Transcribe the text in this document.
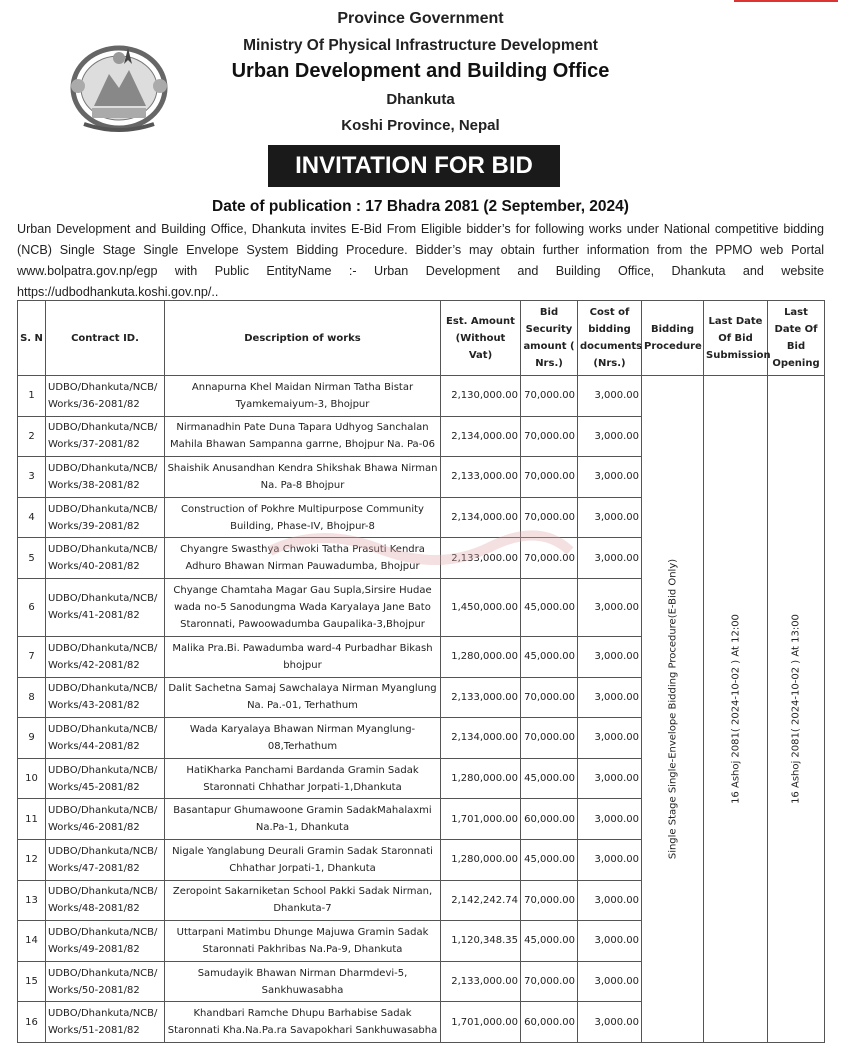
Province Government
Ministry Of Physical Infrastructure Development
Urban Development and Building Office
Dhankuta
Koshi Province, Nepal
INVITATION FOR BID
Date of publication : 17 Bhadra 2081 (2 September, 2024)
Urban Development and Building Office, Dhankuta invites E-Bid From Eligible bidder’s for following works under National competitive bidding (NCB) Single Stage Single Envelope System Bidding Procedure. Bidder’s may obtain further information from the PPMO web Portal www.bolpatra.gov.np/egp with Public EntityName :- Urban Development and Building Office, Dhankuta and website https://udbodhankuta.koshi.gov.np/..
S. N	Contract ID.	Description of works	Est. Amount (Without Vat)	Bid Security amount ( Nrs.)	Cost of bidding documents (Nrs.)	Bidding Procedure	Last Date Of Bid Submission	Last Date Of Bid Opening
1	UDBO/Dhankuta/NCB/ Works/36-2081/82	Annapurna Khel Maidan Nirman Tatha Bistar Tyamkemaiyum-3, Bhojpur	2,130,000.00	70,000.00	3,000.00	Single Stage Single-Envelope Bidding Procedure(E-Bid Only)	16 Ashoj 2081( 2024-10-02 ) At 12:00	16 Ashoj 2081( 2024-10-02 ) At 13:00

2	UDBO/Dhankuta/NCB/ Works/37-2081/82	Nirmanadhin Pate Duna Tapara Udhyog Sanchalan Mahila Bhawan Sampanna garrne, Bhojpur Na. Pa-06	2,134,000.00	70,000.00	3,000.00			
3	UDBO/Dhankuta/NCB/ Works/38-2081/82	Shaishik Anusandhan Kendra Shikshak Bhawa Nirman Na. Pa-8 Bhojpur	2,133,000.00	70,000.00	3,000.00			
4	UDBO/Dhankuta/NCB/ Works/39-2081/82	Construction of Pokhre Multipurpose Community Building, Phase-IV, Bhojpur-8	2,134,000.00	70,000.00	3,000.00			
5	UDBO/Dhankuta/NCB/ Works/40-2081/82	Chyangre Swasthya Chwoki Tatha Prasuti Kendra Adhuro Bhawan Nirman Pauwadumba, Bhojpur	2,133,000.00	70,000.00	3,000.00			
6	UDBO/Dhankuta/NCB/ Works/41-2081/82	Chyange Chamtaha Magar Gau Supla,Sirsire Hudae wada no-5 Sanodungma Wada Karyalaya Jane Bato Staronnati, Pawoowadumba Gaupalika-3,Bhojpur	1,450,000.00	45,000.00	3,000.00			
7	UDBO/Dhankuta/NCB/ Works/42-2081/82	Malika Pra.Bi. Pawadumba ward-4 Purbadhar Bikash bhojpur	1,280,000.00	45,000.00	3,000.00			
8	UDBO/Dhankuta/NCB/ Works/43-2081/82	Dalit Sachetna Samaj Sawchalaya Nirman Myanglung Na. Pa.-01, Terhathum	2,133,000.00	70,000.00	3,000.00			
9	UDBO/Dhankuta/NCB/ Works/44-2081/82	Wada Karyalaya Bhawan Nirman Myanglung- 08,Terhathum	2,134,000.00	70,000.00	3,000.00			
10	UDBO/Dhankuta/NCB/ Works/45-2081/82	HatiKharka Panchami Bardanda Gramin Sadak Staronnati Chhathar Jorpati-1,Dhankuta	1,280,000.00	45,000.00	3,000.00			
11	UDBO/Dhankuta/NCB/ Works/46-2081/82	Basantapur Ghumawoone Gramin SadakMahalaxmi Na.Pa-1, Dhankuta	1,701,000.00	60,000.00	3,000.00			
12	UDBO/Dhankuta/NCB/ Works/47-2081/82	Nigale Yanglabung Deurali Gramin Sadak Staronnati Chhathar Jorpati-1, Dhankuta	1,280,000.00	45,000.00	3,000.00			
13	UDBO/Dhankuta/NCB/ Works/48-2081/82	Zeropoint Sakarniketan School Pakki Sadak Nirman, Dhankuta-7	2,142,242.74	70,000.00	3,000.00			
14	UDBO/Dhankuta/NCB/ Works/49-2081/82	Uttarpani Matimbu Dhunge Majuwa Gramin Sadak Staronnati Pakhribas Na.Pa-9, Dhankuta	1,120,348.35	45,000.00	3,000.00			
15	UDBO/Dhankuta/NCB/ Works/50-2081/82	Samudayik Bhawan Nirman Dharmdevi-5, Sankhuwasabha	2,133,000.00	70,000.00	3,000.00			
16	UDBO/Dhankuta/NCB/ Works/51-2081/82	Khandbari Ramche Dhupu Barhabise Sadak Staronnati Kha.Na.Pa.ra Savapokhari Sankhuwasabha	1,701,000.00	60,000.00	3,000.00			
